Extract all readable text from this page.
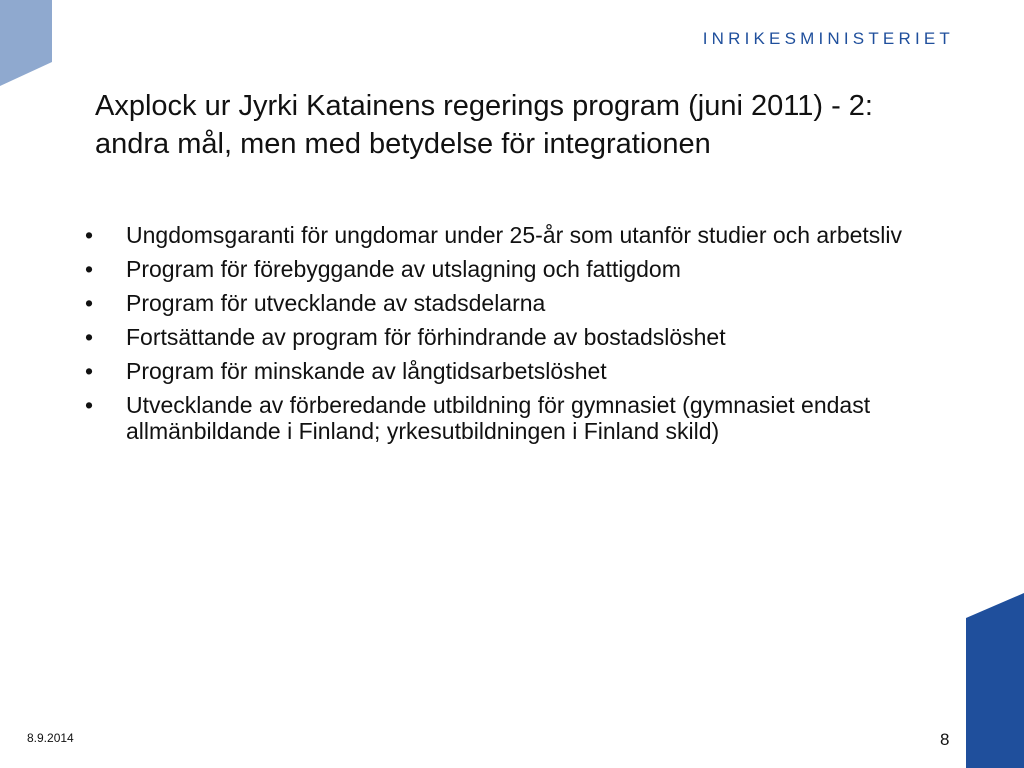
INRIKESMINISTERIET
Axplock ur Jyrki Katainens regerings program (juni 2011) - 2: andra mål, men med betydelse för integrationen
•	Ungdomsgaranti för ungdomar under 25-år som utanför studier och arbetsliv
•	Program för förebyggande av utslagning och fattigdom
•	Program för utvecklande av stadsdelarna
•	Fortsättande av program för förhindrande av bostadslöshet
•	Program för minskande av långtidsarbetslöshet
•	Utvecklande av förberedande utbildning för gymnasiet (gymnasiet endast allmänbildande i Finland; yrkesutbildningen i Finland skild)
8.9.2014	8
